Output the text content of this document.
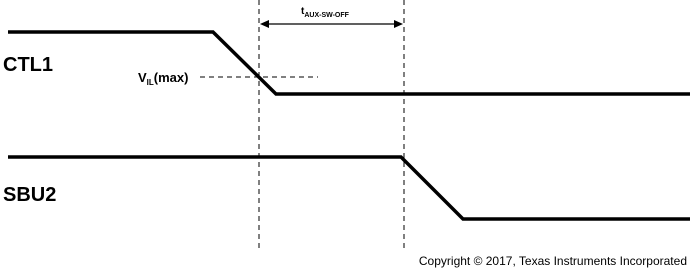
$t_{AUX-SW-OFF}$
$V_{IL}(\max)$
CTL1
SBU2
Copyright © 2017, Texas Instruments Incorporated
